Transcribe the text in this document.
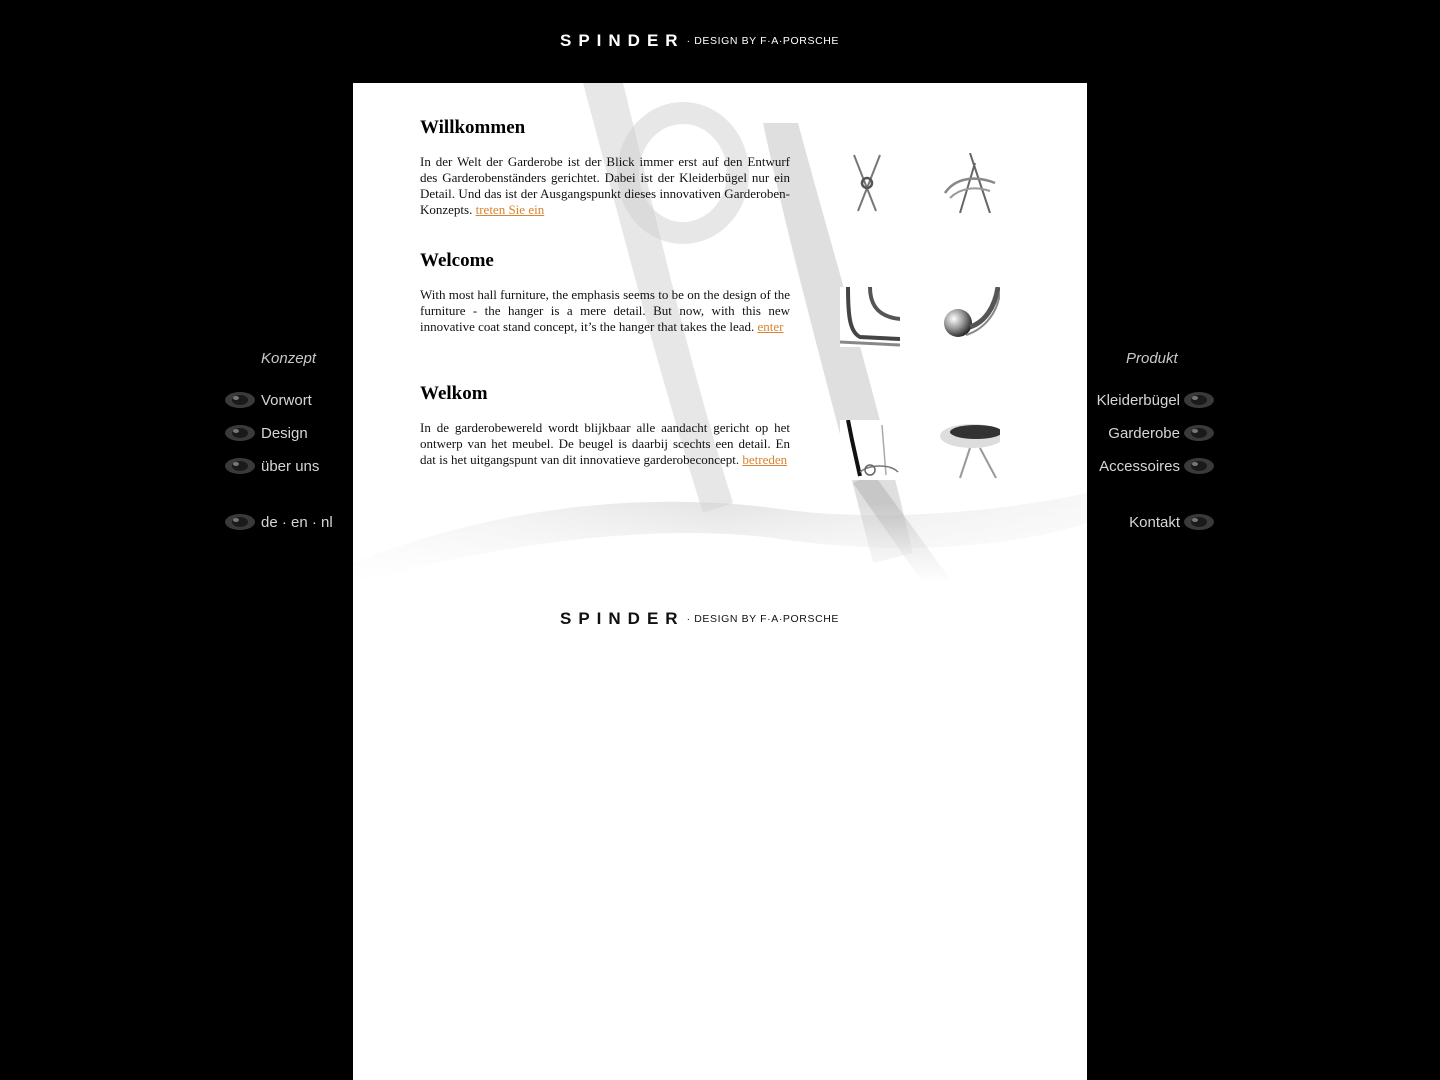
SPINDER · DESIGN BY F·A·PORSCHE
Willkommen

In der Welt der Garderobe ist der Blick immer erst auf den Entwurf des Garderobenständers gerichtet. Dabei ist der Kleiderbügel nur ein Detail. Und das ist der Ausgangspunkt dieses innovativen Garderoben-Konzepts. treten Sie ein

Welcome

With most hall furniture, the emphasis seems to be on the design of the furniture - the hanger is a mere detail. But now, with this new innovative coat stand concept, it’s the hanger that takes the lead. enter

Welkom

In de garderobewereld wordt blijkbaar alle aandacht gericht op het ontwerp van het meubel. De beugel is daarbij scechts een detail. En dat is het uitgangspunt van dit innovatieve garderobeconcept. betreden

SPINDER · DESIGN BY F·A·PORSCHE
Konzept
Vorwort
Design
über uns
de · en · nl
Produkt
Kleiderbügel
Garderobe
Accessoires
Kontakt
